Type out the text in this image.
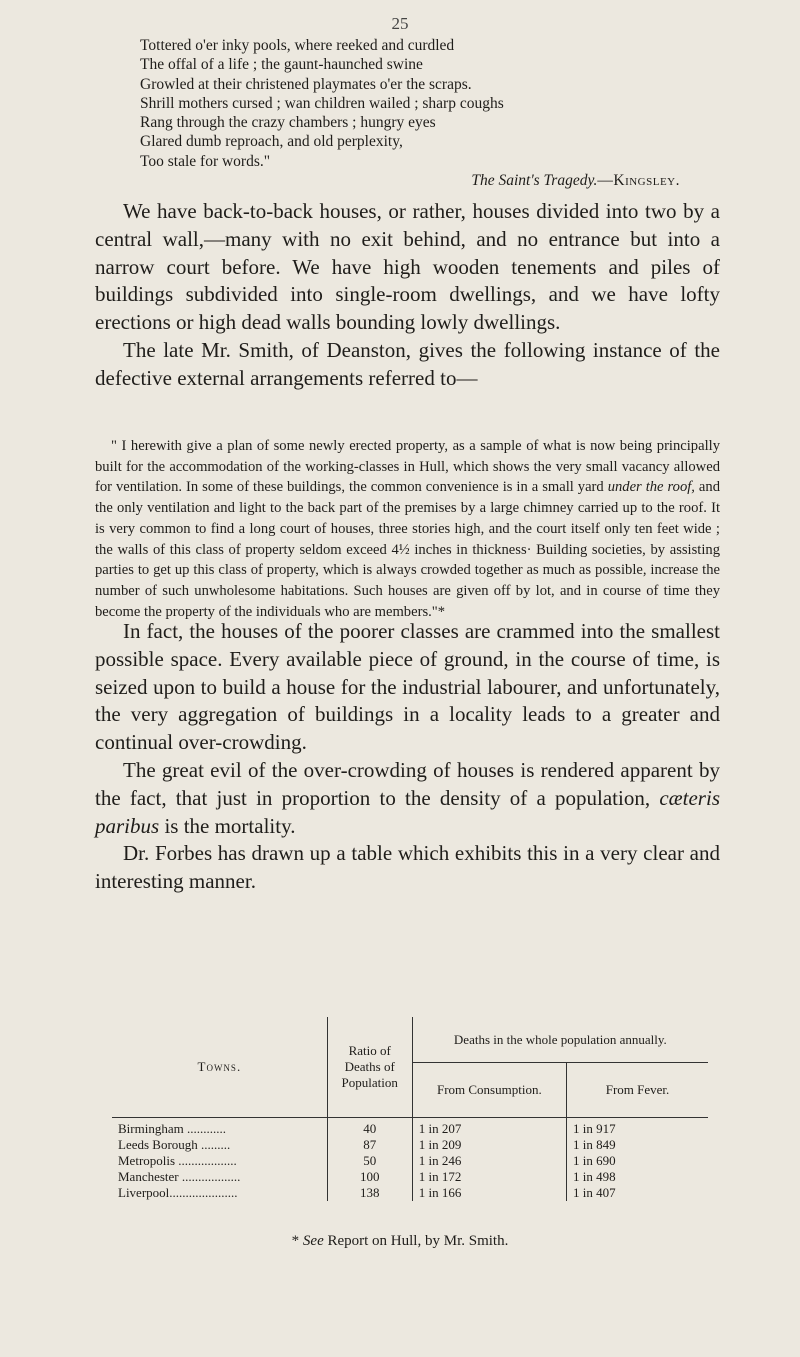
25
Tottered o'er inky pools, where reeked and curdled
The offal of a life ; the gaunt-haunched swine
Growled at their christened playmates o'er the scraps.
Shrill mothers cursed ; wan children wailed ; sharp coughs
Rang through the crazy chambers ; hungry eyes
Glared dumb reproach, and old perplexity,
Too stale for words."
The Saint's Tragedy.—Kingsley.

We have back-to-back houses, or rather, houses divided into two by a central wall,—many with no exit behind, and no entrance but into a narrow court before. We have high wooden tenements and piles of buildings subdivided into single-room dwellings, and we have lofty erections or high dead walls bounding lowly dwellings.

The late Mr. Smith, of Deanston, gives the following instance of the defective external arrangements referred to—

" I herewith give a plan of some newly erected property, as a sample of what is now being principally built for the accommodation of the working-classes in Hull, which shows the very small vacancy allowed for ventilation. In some of these buildings, the common convenience is in a small yard under the roof, and the only ventilation and light to the back part of the premises by a large chimney carried up to the roof. It is very common to find a long court of houses, three stories high, and the court itself only ten feet wide ; the walls of this class of property seldom exceed 4½ inches in thickness· Building societies, by assisting parties to get up this class of property, which is always crowded together as much as possible, increase the number of such unwholesome habitations. Such houses are given off by lot, and in course of time they become the property of the individuals who are members."*

In fact, the houses of the poorer classes are crammed into the smallest possible space. Every available piece of ground, in the course of time, is seized upon to build a house for the industrial labourer, and unfortunately, the very aggregation of buildings in a locality leads to a greater and continual over-crowding.

The great evil of the over-crowding of houses is rendered apparent by the fact, that just in proportion to the density of a population, cæteris paribus is the mortality.

Dr. Forbes has drawn up a table which exhibits this in a very clear and interesting manner.

Towns.	Ratio of Deaths of Population	Deaths in the whole population annually.	
		From Consumption.	From Fever.
Birmingham ............	40	1 in 207	1 in 917
Leeds Borough .........	87	1 in 209	1 in 849
Metropolis ..................	50	1 in 246	1 in 690
Manchester ..................	100	1 in 172	1 in 498
Liverpool.....................	138	1 in 166	1 in 407
* See Report on Hull, by Mr. Smith.
